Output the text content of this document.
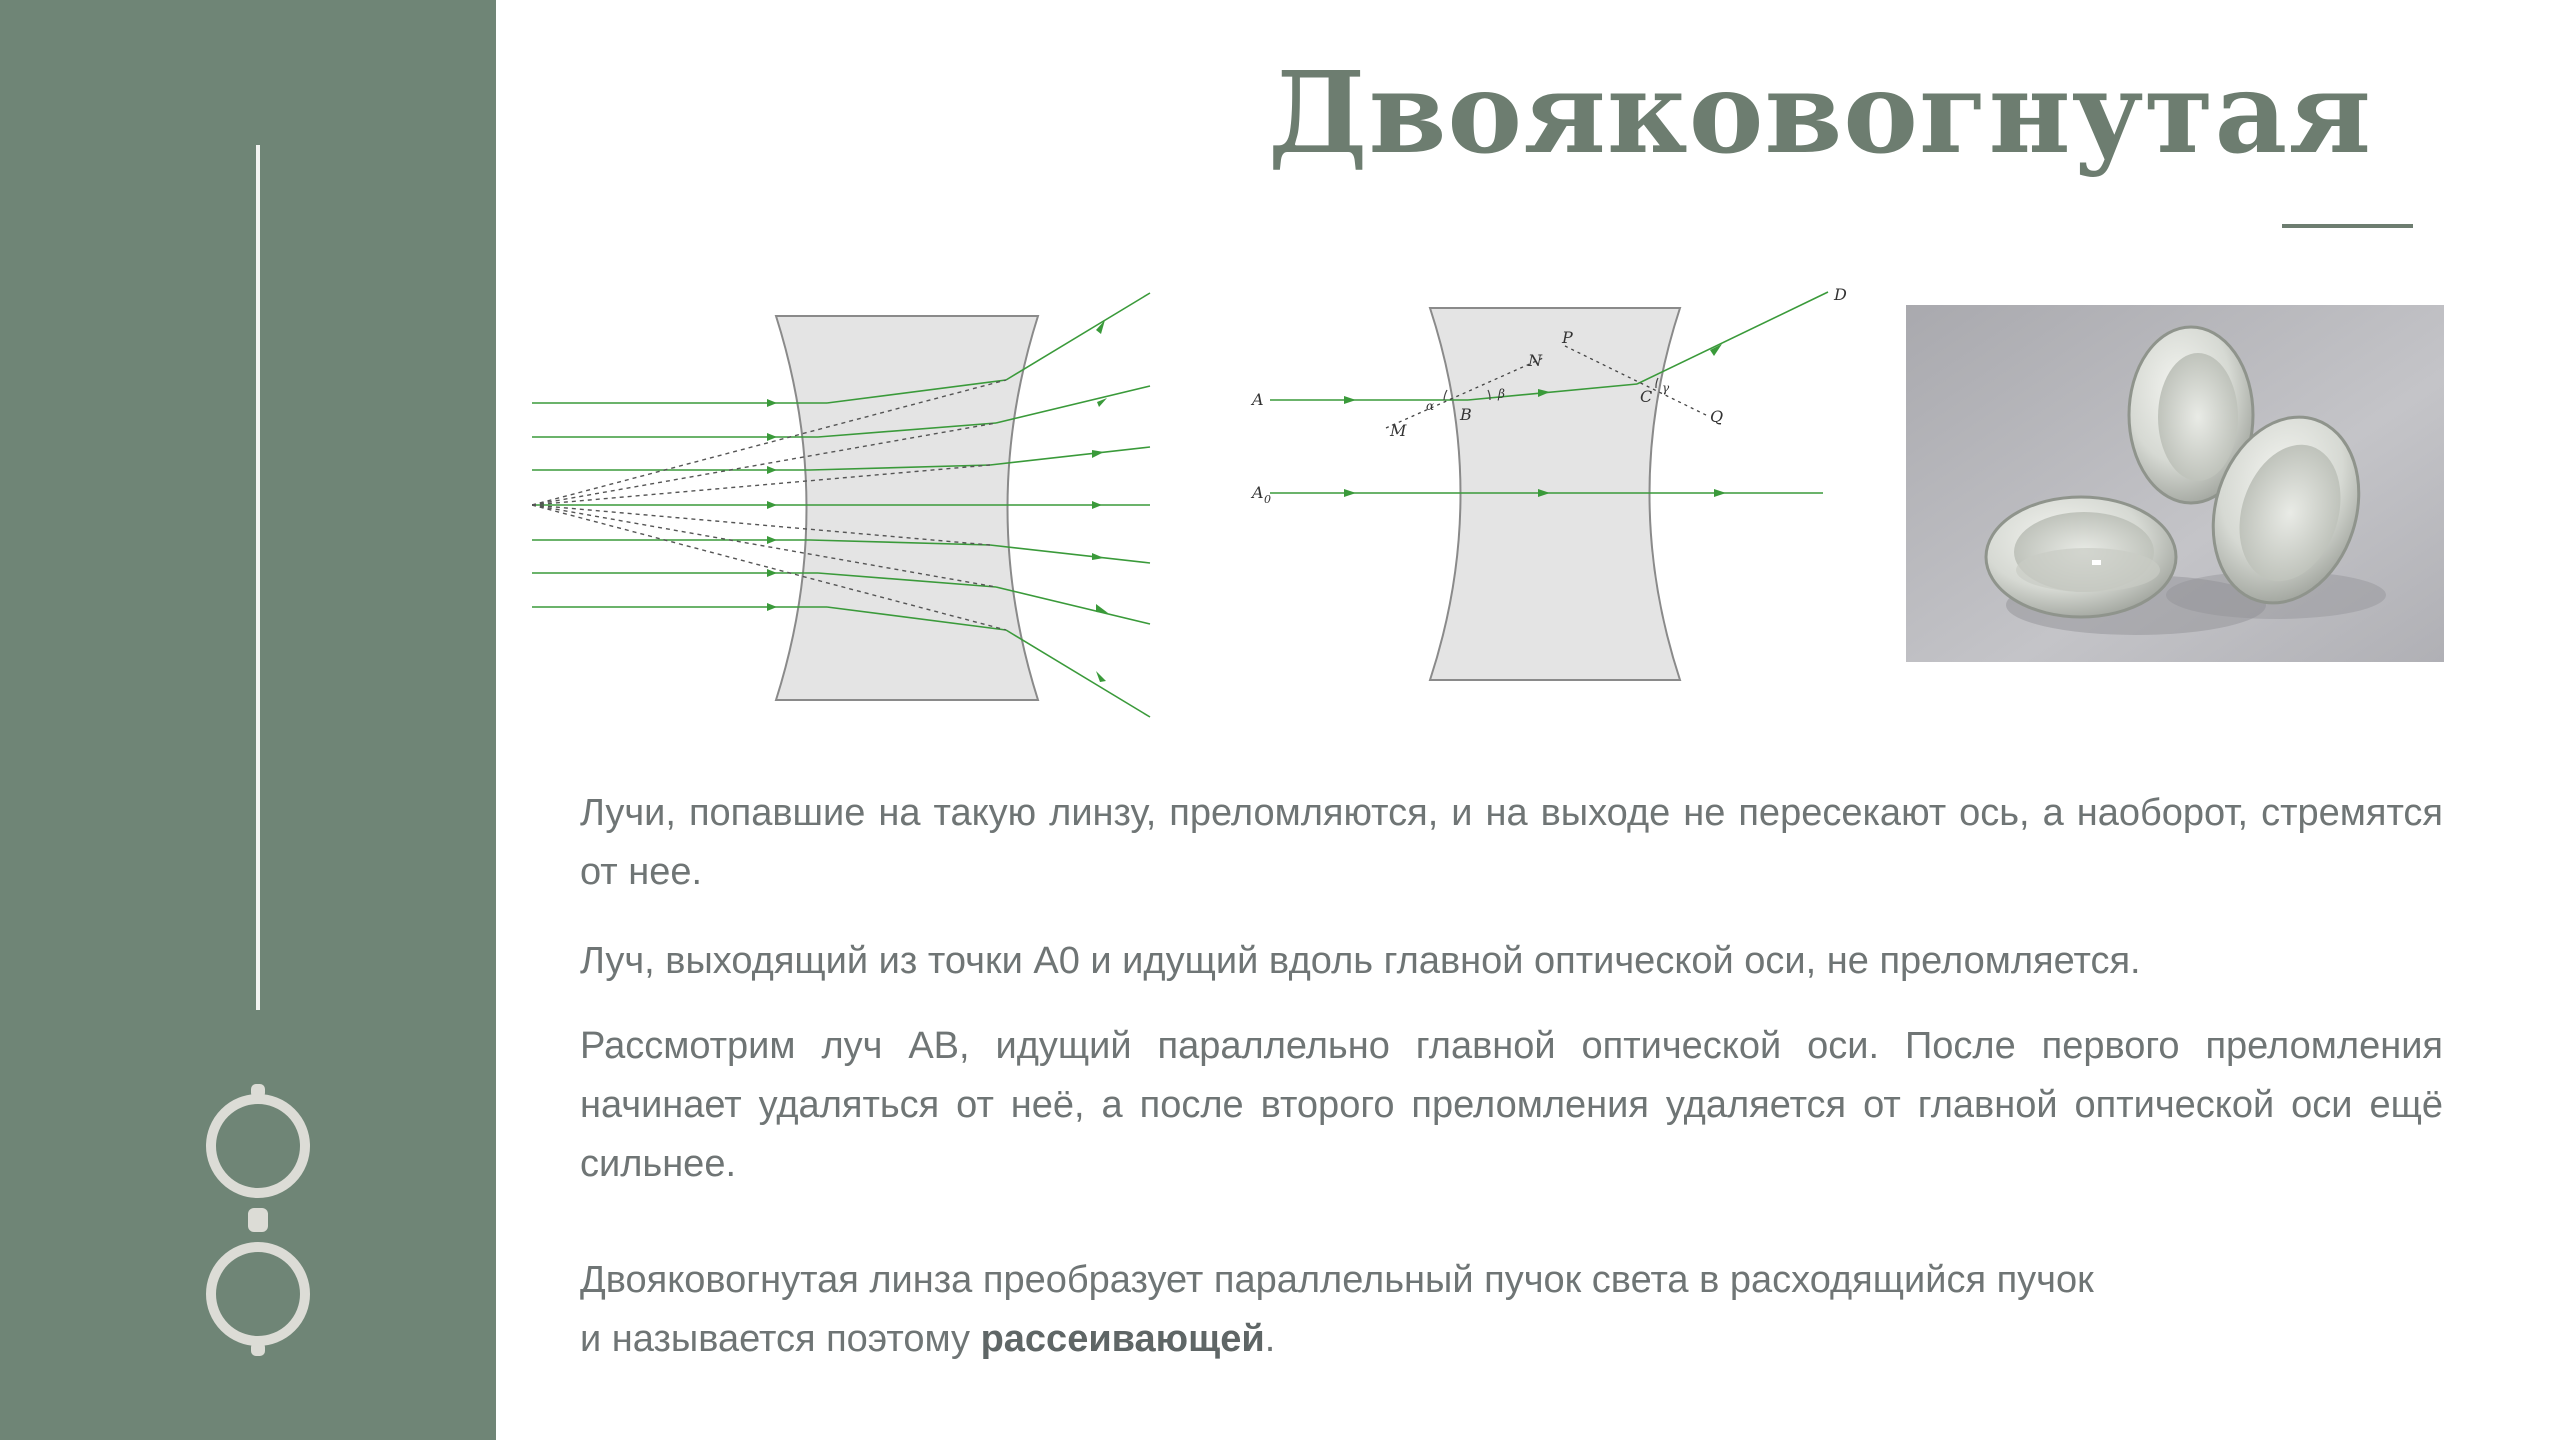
Двояковогнутая
A
A 0
B
C
D
M
N
P
Q
α
β	γ
Лучи, попавшие на такую линзу, преломляются, и на выходе не пересекают ось, а наоборот, стремятся от нее.
Луч, выходящий из точки А0 и идущий вдоль главной оптической оси, не преломляется.
Рассмотрим луч АВ, идущий параллельно главной оптической оси. После первого преломления начинает удаляться от неё, а после второго преломления удаляется от главной оптической оси ещё сильнее.
Двояковогнутая линза преобразует параллельный пучок света в расходящийся пучок
и называется поэтому рассеивающей.
